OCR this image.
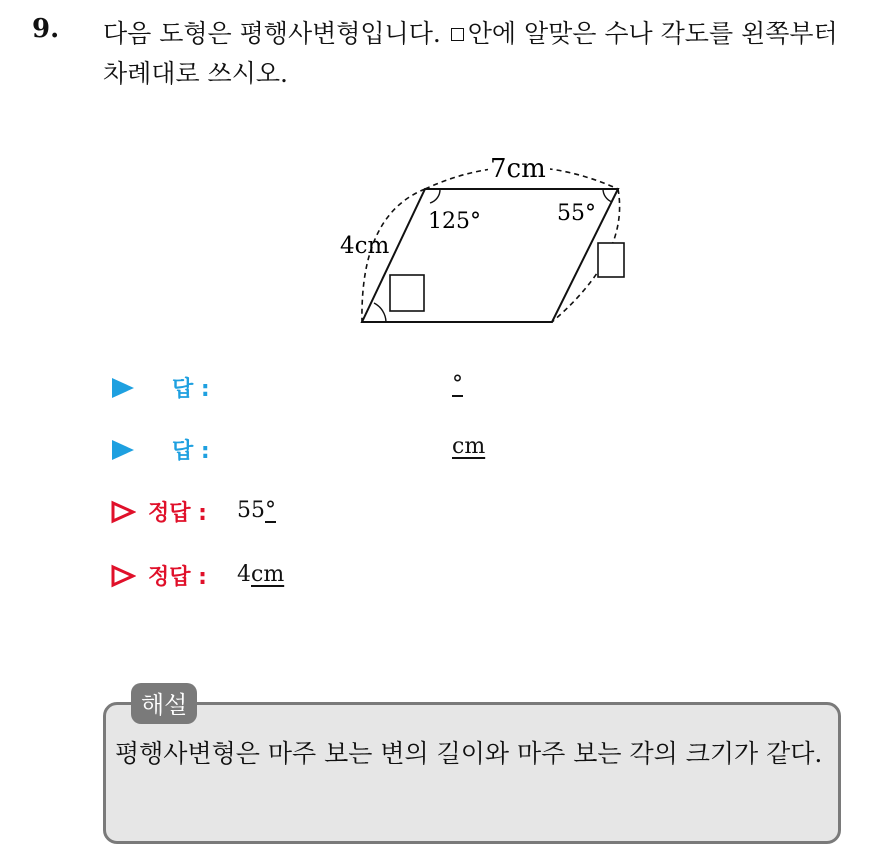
9. 다음 도형은 평행사변형입니다. 안에 알맞은 수나 각도를 왼쪽부터 차례대로 쓰시오.
7cm
4cm
125°	55°
답 :	°
답 :	cm
정답 : 55°
정답 : 4cm
해설
평행사변형은 마주 보는 변의 길이와 마주 보는 각의 크기가 같다.
